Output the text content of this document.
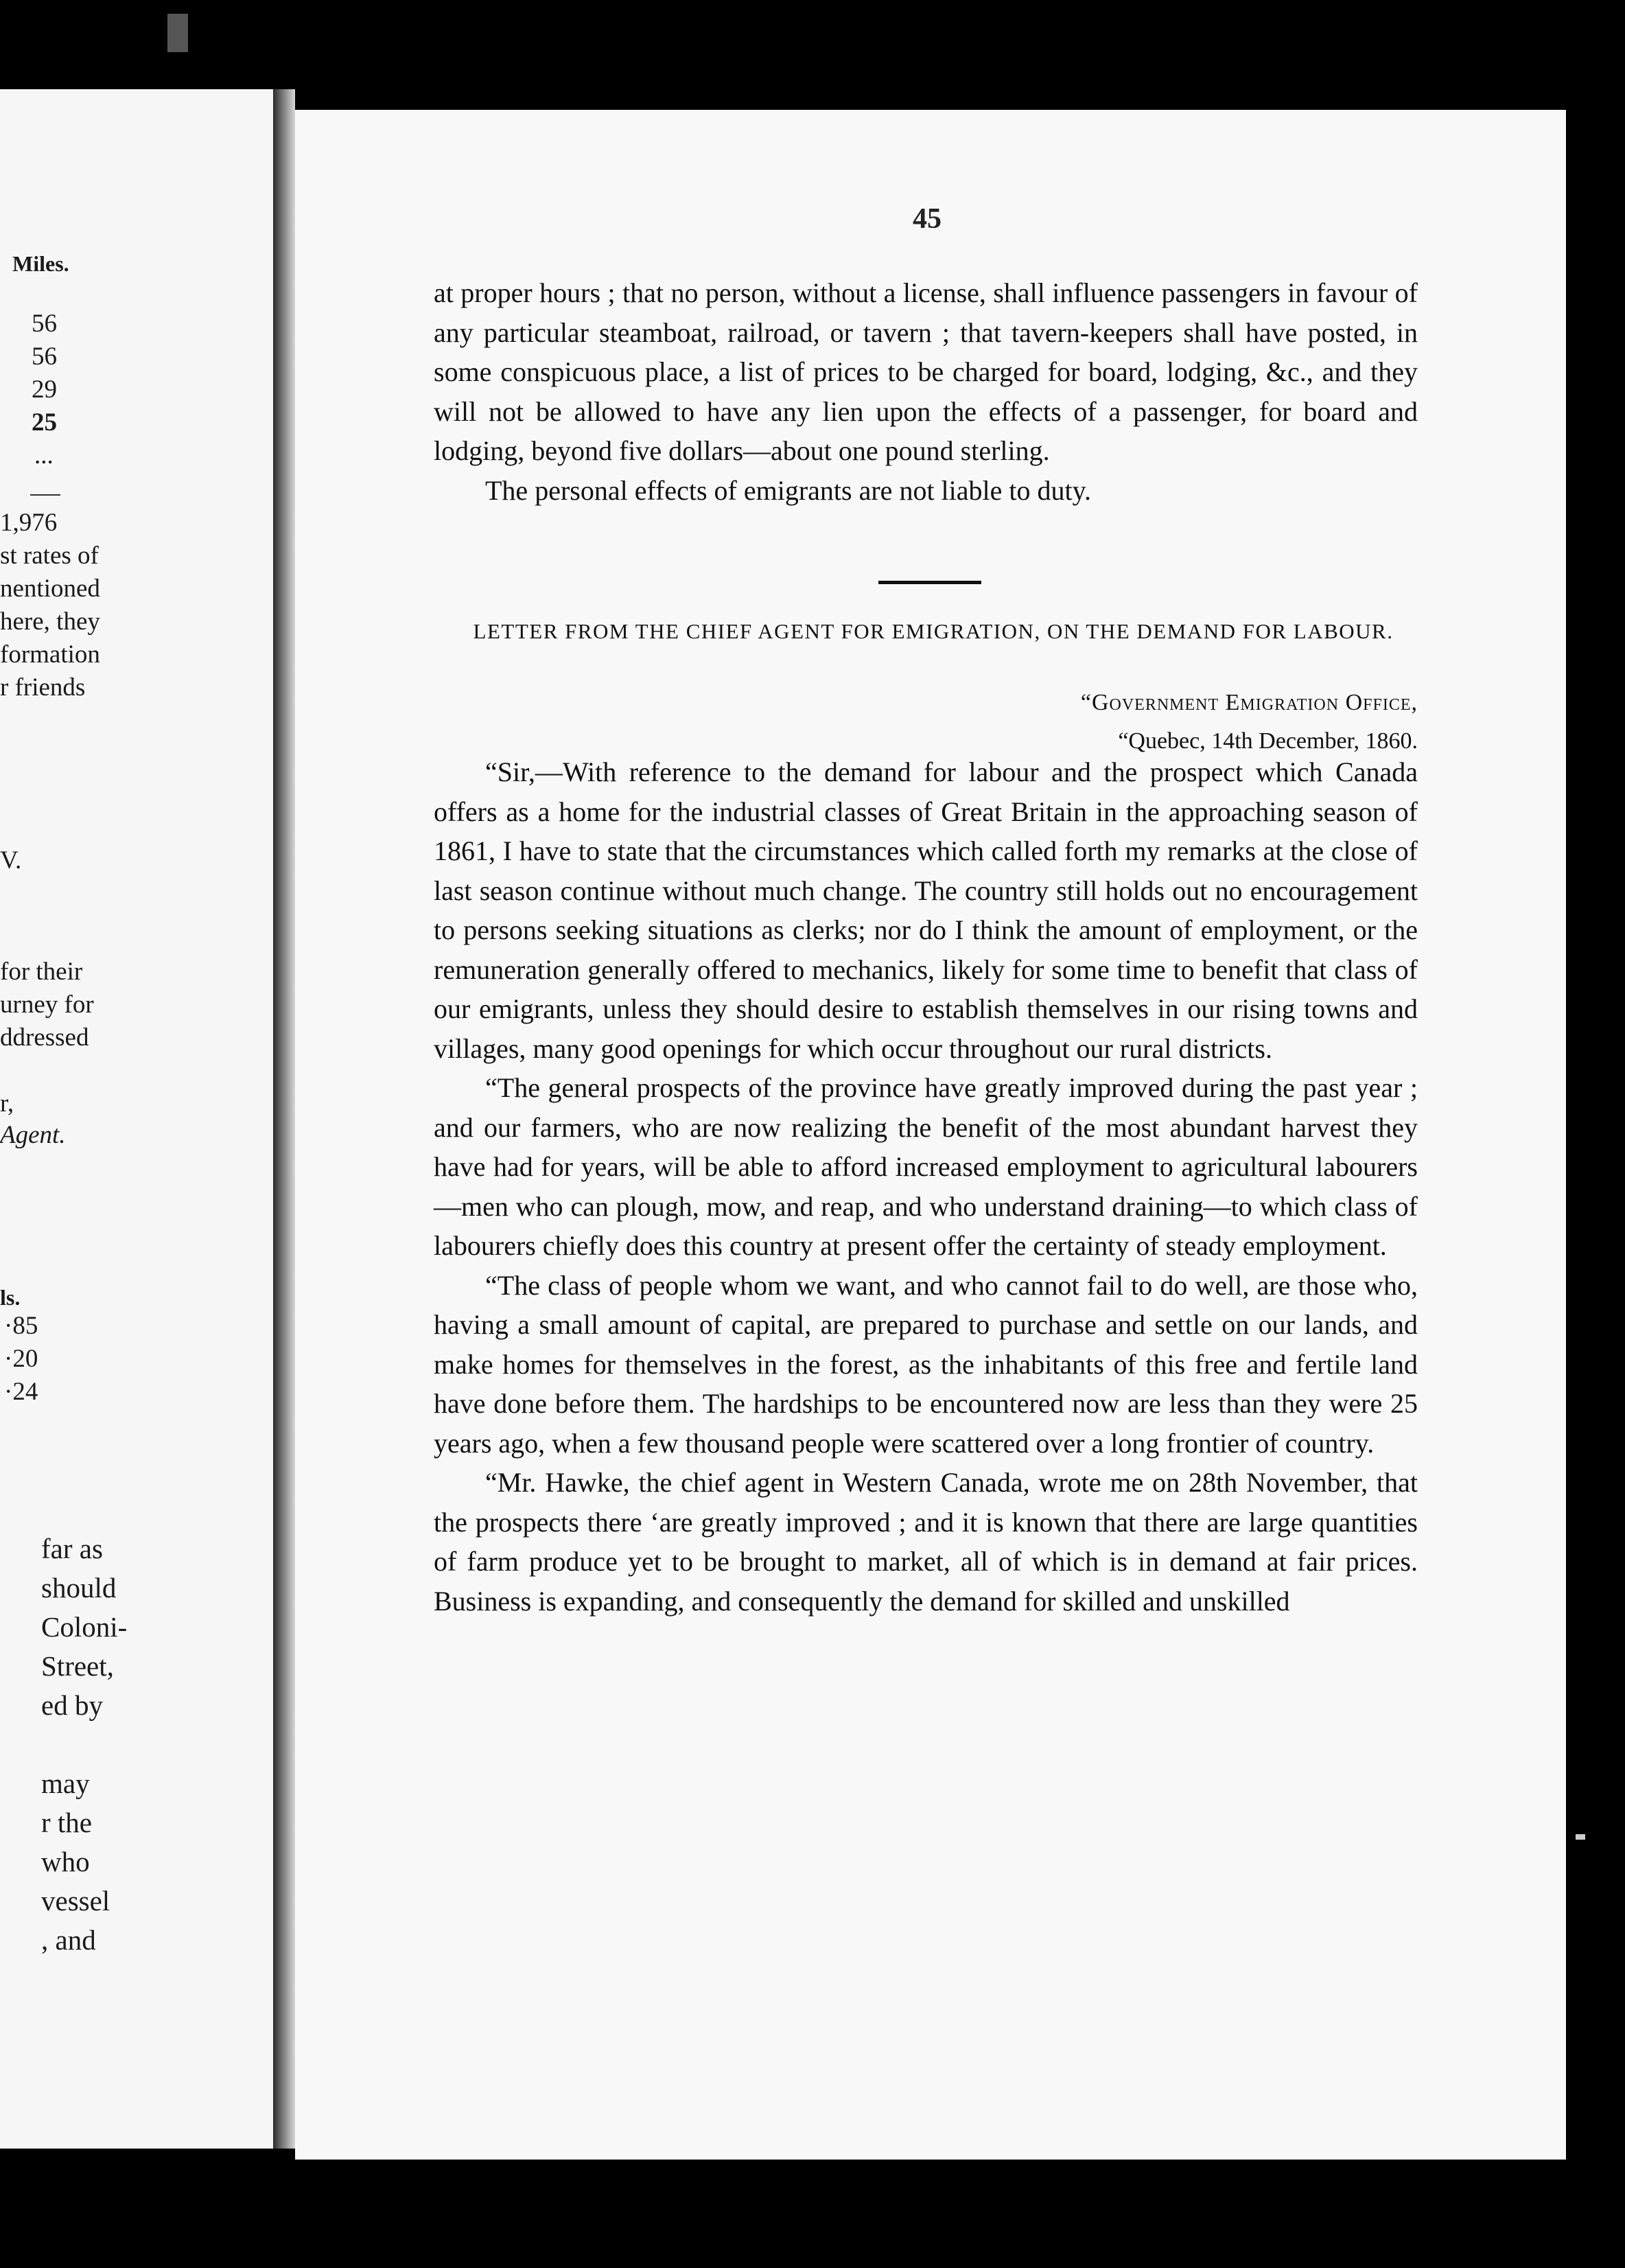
Miles.
56
56
29
25
...
1,976
st rates of
nentioned
here, they
formation
r friends
V.
for their
urney for
ddressed
r,
Agent.
ls.
·85
·20
·24
far as
should
Coloni-
Street,
ed by
may
r the
who
vessel
, and
45

at proper hours ; that no person, without a license, shall influence passengers in favour of any particular steamboat, railroad, or tavern ; that tavern-keepers shall have posted, in some conspicuous place, a list of prices to be charged for board, lodging, &c., and they will not be allowed to have any lien upon the effects of a passenger, for board and lodging, beyond five dollars—about one pound sterling.

The personal effects of emigrants are not liable to duty.

LETTER FROM THE CHIEF AGENT FOR EMIGRATION, ON THE DEMAND FOR LABOUR.
“Government Emigration Office,
“Quebec, 14th December, 1860.

“Sir,—With reference to the demand for labour and the prospect which Canada offers as a home for the industrial classes of Great Britain in the approaching season of 1861, I have to state that the circumstances which called forth my remarks at the close of last season continue without much change. The country still holds out no encouragement to persons seeking situations as clerks; nor do I think the amount of employment, or the remuneration generally offered to mechanics, likely for some time to benefit that class of our emigrants, unless they should desire to establish themselves in our rising towns and villages, many good openings for which occur throughout our rural districts.

“The general prospects of the province have greatly improved during the past year ; and our farmers, who are now realizing the benefit of the most abundant harvest they have had for years, will be able to afford increased employment to agricultural labourers—men who can plough, mow, and reap, and who understand draining—to which class of labourers chiefly does this country at present offer the certainty of steady employment.

“The class of people whom we want, and who cannot fail to do well, are those who, having a small amount of capital, are prepared to purchase and settle on our lands, and make homes for themselves in the forest, as the inhabitants of this free and fertile land have done before them. The hardships to be encountered now are less than they were 25 years ago, when a few thousand people were scattered over a long frontier of country.

“Mr. Hawke, the chief agent in Western Canada, wrote me on 28th November, that the prospects there ‘are greatly improved ; and it is known that there are large quantities of farm produce yet to be brought to market, all of which is in demand at fair prices. Business is expanding, and consequently the demand for skilled and unskilled
